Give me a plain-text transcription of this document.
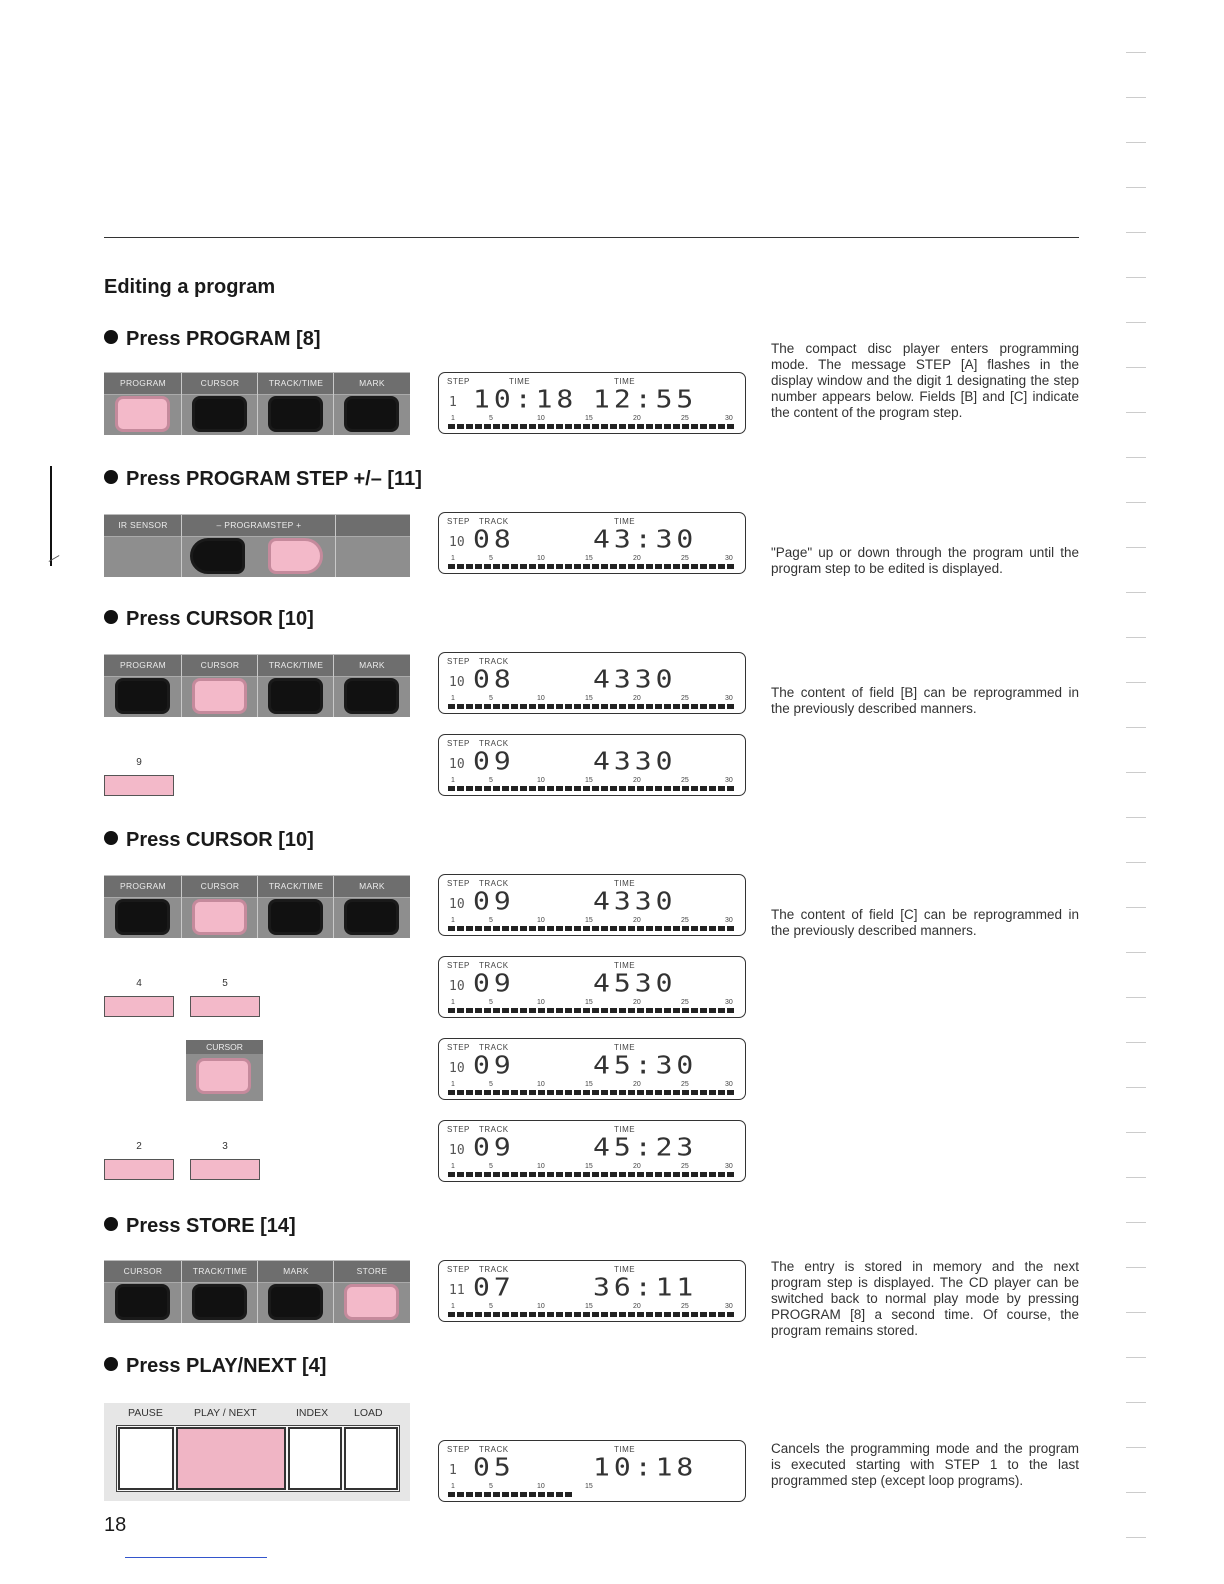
Editing a program
Press PROGRAM [8]
Press PROGRAM STEP +/– [11]
Press CURSOR [10]
Press CURSOR [10]
Press STORE [14]
Press PLAY/NEXT [4]

The compact disc player enters programming mode. The message STEP [A] flashes in the display window and the digit 1 designating the step number appears below. Fields [B] and [C] indicate the content of the program step.

"Page" up or down through the program until the program step to be edited is displayed.

The content of field [B] can be reprogrammed in the previously described manners.

The content of field [C] can be reprogrammed in the previously described manners.

The entry is stored in memory and the next program step is displayed. The CD player can be switched back to normal play mode by pressing PROGRAM [8] a second time. Of course, the program remains stored.

Cancels the programming mode and the program is executed starting with STEP 1 to the last programmed step (except loop programs).

PROGRAM	CURSOR	TRACK/TIME	MARK
IR SENSOR	– PROGRAMSTEP +
PROGRAM	CURSOR	TRACK/TIME	MARK
9
PROGRAM	CURSOR	TRACK/TIME	MARK
4	5
CURSOR
2	3
CURSOR	TRACK/TIME	MARK	STORE
PAUSE	PLAY / NEXT	INDEX LOAD
18
STEP	TIME	TIME
1 10:18 12:55
1	5	10	15	20	25	30
STEP TRACK	TIME
10 08	43:30
1	5	10	15	20	25	30
STEP TRACK
10 08	4330
1	5	10	15	20	25	30
STEP TRACK
10 09	4330
1	5	10	15	20	25	30
STEP TRACK	TIME
10 09	4330
1	5	10	15	20	25	30
STEP TRACK	TIME
10 09	4530
1	5	10	15	20	25	30
STEP TRACK	TIME
10 09	45:30
1	5	10	15	20	25	30
STEP TRACK	TIME
10 09	45:23
1	5	10	15	20	25	30
STEP TRACK	TIME
11 07	36:11
1	5	10	15	20	25	30
STEP TRACK	TIME
1 05	10:18
1	5	10	15
